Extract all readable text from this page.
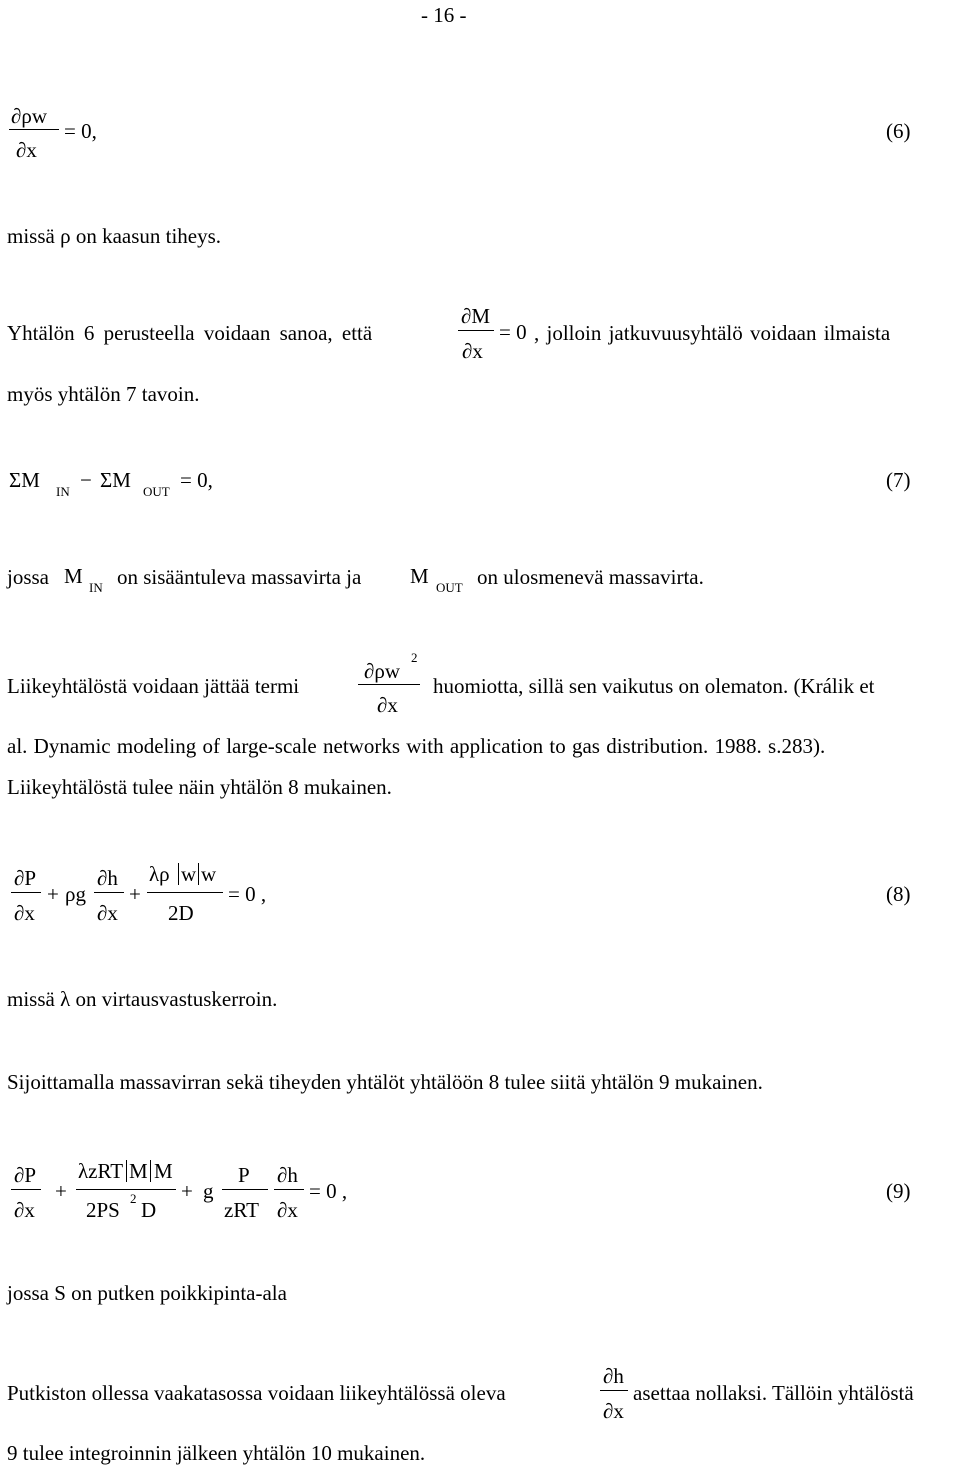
- 16 -
∂ρw
∂x
= 0,	(6)
missä ρ on kaasun tiheys.
Yhtälön 6 perusteella voidaan sanoa, että
∂M
∂x
= 0 , jolloin jatkuvuusyhtälö voidaan ilmaista
myös yhtälön 7 tavoin.
ΣM IN − ΣM OUT = 0,	(7)
jossa M IN on sisääntuleva massavirta ja M OUT on ulosmenevä massavirta.
Liikeyhtälöstä voidaan jättää termi
∂ρw
2
∂x
huomiotta, sillä sen vaikutus on olematon. (Králik et
al. Dynamic modeling of large-scale networks with application to gas distribution. 1988. s.283).
Liikeyhtälöstä tulee näin yhtälön 8 mukainen.
∂P
∂x
+ ρg
∂h
∂x
+
λρ w w
2D
= 0 ,	(8)
missä λ on virtausvastuskerroin.
Sijoittamalla massavirran sekä tiheyden yhtälöt yhtälöön 8 tulee siitä yhtälön 9 mukainen.
∂P
∂x
+
λzRT M M
2PS 2 D
+ g
P
zRT
∂h
∂x
= 0 ,	(9)
jossa S on putken poikkipinta-ala
Putkiston ollessa vaakatasossa voidaan liikeyhtälössä oleva
∂h
∂x
asettaa nollaksi. Tällöin yhtälöstä
9 tulee integroinnin jälkeen yhtälön 10 mukainen.
